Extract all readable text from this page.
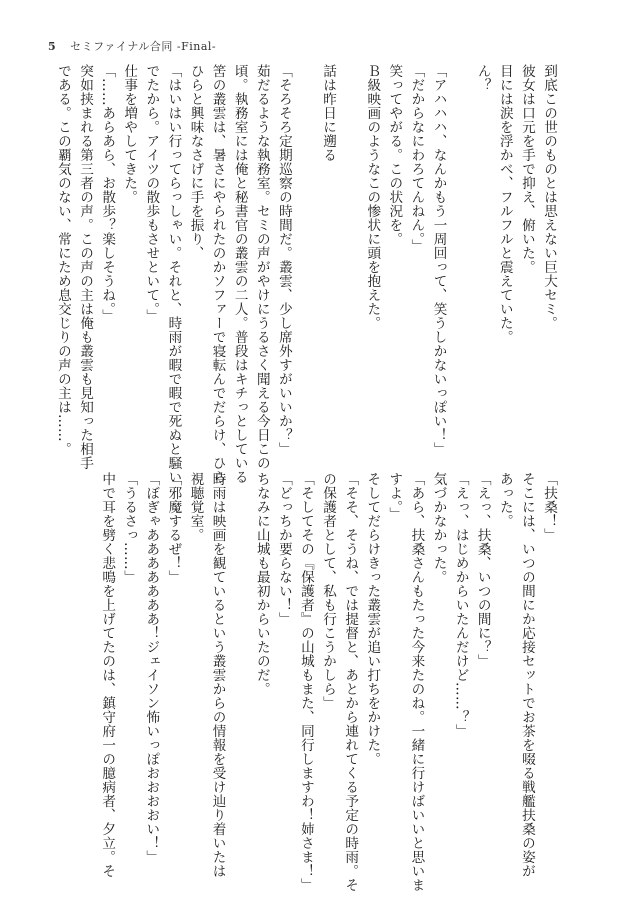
5 セミファイナル合同 -Final-
到底この世のものとは思えない巨大セミ。
彼女は口元を手で抑え、俯いた。
目には涙を浮かべ、フルフルと震えていた。
ん？

「アハハハ、なんかもう一周回って、笑うしかないっぽい！」
「だからなにわろてんねん。」
笑ってやがる。この状況を。
Ｂ級映画のようなこの惨状に頭を抱えた。

話は昨日に遡る

「そろそろ定期巡察の時間だ。叢雲、少し席外すがいいか？」
茹だるような執務室。セミの声がやけにうるさく聞える今日この
頃。執務室には俺と秘書官の叢雲の二人。普段はキチっとしている
筈の叢雲は、暑さにやられたのかソファーで寝転んでだらけ、ひら
ひらと興味なさげに手を振り、
「はいはい行ってらっしゃい。それと、時雨が暇で暇で死ぬと騒い
でたから。アイツの散歩もさせといて。」
仕事を増やしてきた。
「……あらあら、お散歩？楽しそうね。」
突如挟まれる第三者の声。この声の主は俺も叢雲も見知った相手
である。この覇気のない、常にため息交じりの声の主は……。
「扶桑！」
そこには、いつの間にか応接セットでお茶を啜る戦艦扶桑の姿が
あった。
「えっ、扶桑、いつの間に？」
「えっ、はじめからいたんだけど……？」
気づかなかった。
「あら、扶桑さんもたった今来たのね。一緒に行けばいいと思いま
すよ。」
そしてだらけきった叢雲が追い打ちをかけた。
「そそ、そうね、では提督と、あとから連れてくる予定の時雨。そ
の保護者として、私も行こうかしら」
「そしてその『保護者』の山城もまた、同行しますわ！姉さま！」
「どっちか要らない！」
ちなみに山城も最初からいたのだ。

時雨は映画を観ているという叢雲からの情報を受け辿り着いたは
視聴覚室。
「邪魔するぜ！」
「ぼぎゃあああああああ！ジェイソン怖いっぽおおおおい！」
「うるさっ……」
中で耳を劈く悲鳴を上げてたのは、鎮守府一の臆病者、夕立。そ
